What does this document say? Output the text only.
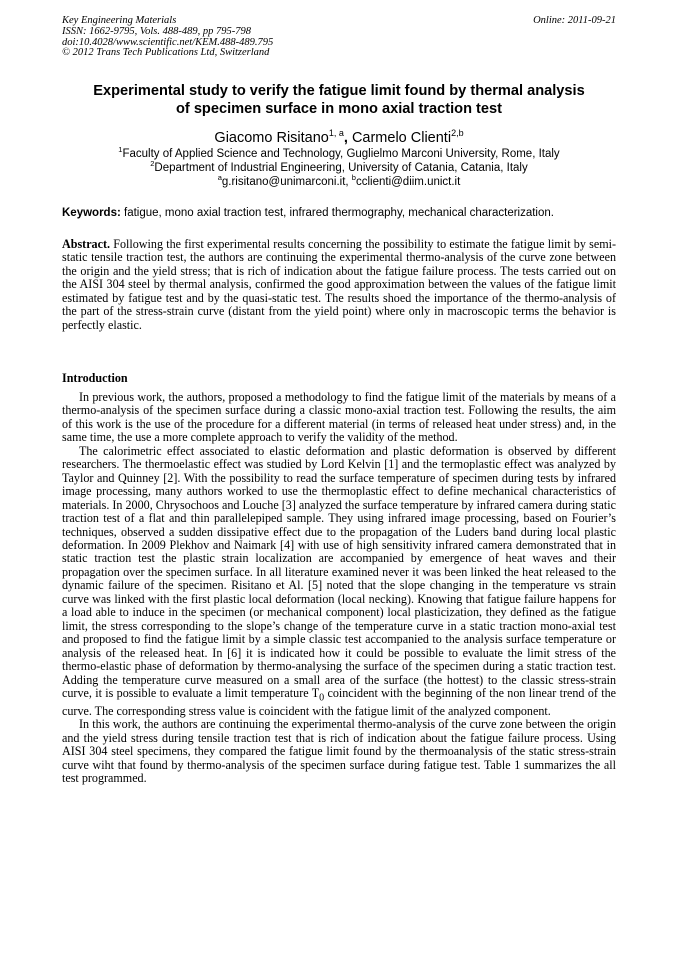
Key Engineering Materials
ISSN: 1662-9795, Vols. 488-489, pp 795-798
doi:10.4028/www.scientific.net/KEM.488-489.795
© 2012 Trans Tech Publications Ltd, Switzerland
Online: 2011-09-21
Experimental study to verify the fatigue limit found by thermal analysis
of specimen surface in mono axial traction test
Giacomo Risitano$^{1, a}$, Carmelo Clienti$^{2,b}$
$^1$Faculty of Applied Science and Technology, Guglielmo Marconi University, Rome, Italy
$^2$Department of Industrial Engineering, University of Catania, Catania, Italy
$^a$g.risitano@unimarconi.it, $^b$cclienti@diim.unict.it
Keywords: fatigue, mono axial traction test, infrared thermography, mechanical characterization.

Abstract. Following the first experimental results concerning the possibility to estimate the fatigue limit by semi-static tensile traction test, the authors are continuing the experimental thermo-analysis of the curve zone between the origin and the yield stress; that is rich of indication about the fatigue failure process. The tests carried out on the AISI 304 steel by thermal analysis, confirmed the good approximation between the values of the fatigue limit estimated by fatigue test and by the quasi-static test. The results shoed the importance of the thermo-analysis of the part of the stress-strain curve (distant from the yield point) where only in macroscopic terms the behavior is perfectly elastic.

Introduction

In previous work, the authors, proposed a methodology to find the fatigue limit of the materials by means of a thermo-analysis of the specimen surface during a classic mono-axial traction test. Following the results, the aim of this work is the use of the procedure for a different material (in terms of released heat under stress) and, in the same time, the use a more complete approach to verify the validity of the method.

The calorimetric effect associated to elastic deformation and plastic deformation is observed by different researchers. The thermoelastic effect was studied by Lord Kelvin [1] and the termoplastic effect was analyzed by Taylor and Quinney [2]. With the possibility to read the surface temperature of specimen during tests by infrared image processing, many authors worked to use the thermoplastic effect to define mechanical characteristics of materials. In 2000, Chrysochoos and Louche [3] analyzed the surface temperature by infrared camera during static traction test of a flat and thin parallelepiped sample. They using infrared image processing, based on Fourier’s techniques, observed a sudden dissipative effect due to the propagation of the Luders band during local plastic deformation. In 2009 Plekhov and Naimark [4] with use of high sensitivity infrared camera demonstrated that in static traction test the plastic strain localization are accompanied by emergence of heat waves and their propagation over the specimen surface. In all literature examined never it was been linked the heat released to the dynamic failure of the specimen. Risitano et Al. [5] noted that the slope changing in the temperature vs strain curve was linked with the first plastic local deformation (local necking). Knowing that fatigue failure happens for a load able to induce in the specimen (or mechanical component) local plasticization, they defined as the fatigue limit, the stress corresponding to the slope’s change of the temperature curve in a static traction mono-axial test and proposed to find the fatigue limit by a simple classic test accompanied to the analysis surface temperature or analysis of the released heat. In [6] it is indicated how it could be possible to evaluate the limit stress of the thermo-elastic phase of deformation by thermo-analysing the surface of the specimen during a static traction test. Adding the temperature curve measured on a small area of the surface (the hottest) to the classic stress-strain curve, it is possible to evaluate a limit temperature $T_0$ coincident with the beginning of the non linear trend of the curve. The corresponding stress value is coincident with the fatigue limit of the analyzed component.

In this work, the authors are continuing the experimental thermo-analysis of the curve zone between the origin and the yield stress during tensile traction test that is rich of indication about the fatigue failure process. Using AISI 304 steel specimens, they compared the fatigue limit found by the thermoanalysis of the static stress-strain curve wiht that found by thermo-analysis of the specimen surface during fatigue test. Table 1 summarizes the all test programmed.
